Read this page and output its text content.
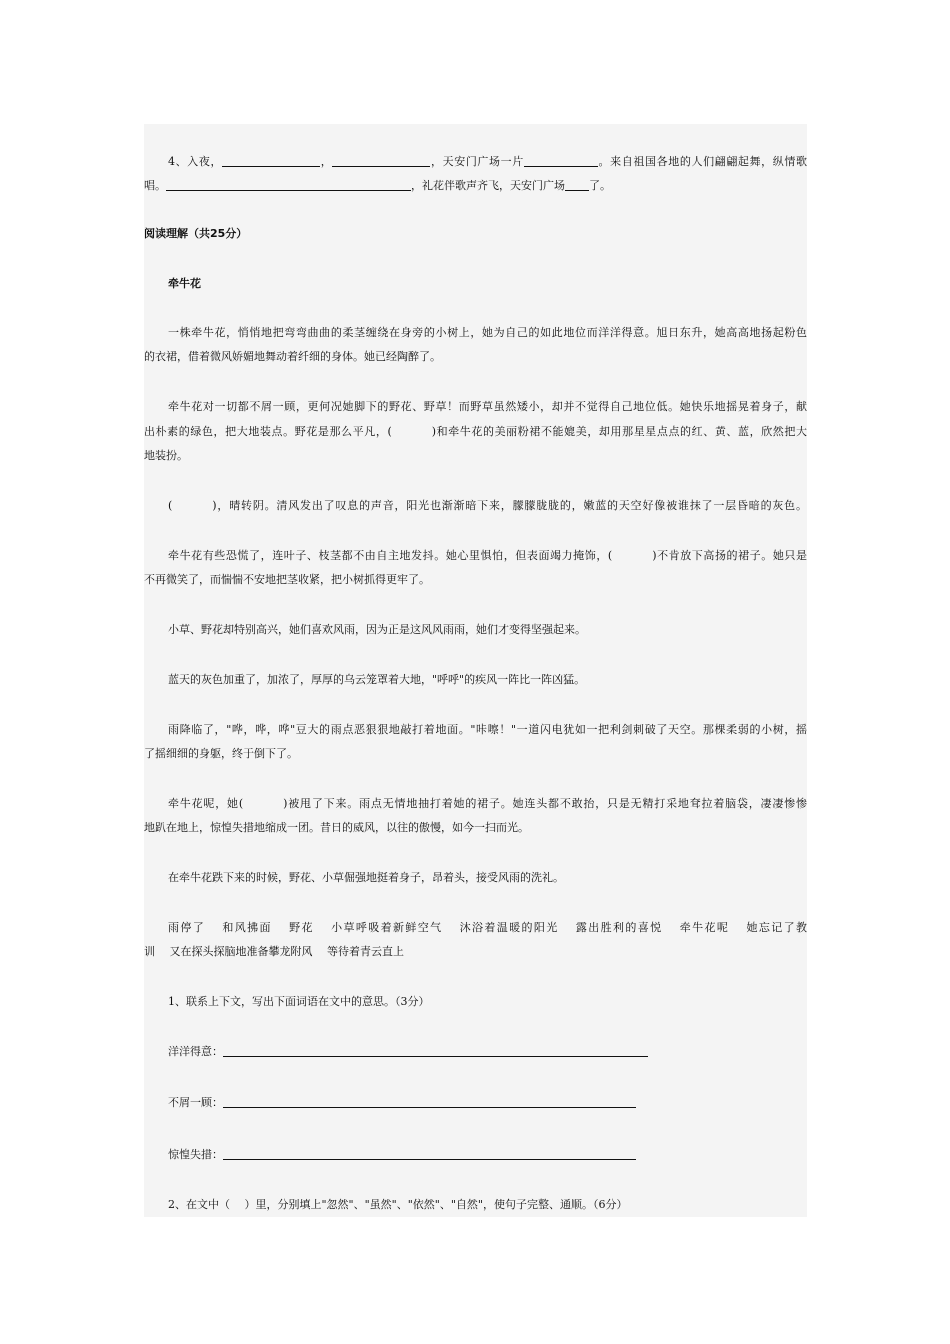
4、入夜，	，	，天安门广场一片	。来自祖国各地的人们翩翩起舞，纵情歌
唱。	，礼花伴歌声齐飞，天安门广场 了。
阅读理解（共25分）
牵牛花
一株牵牛花，悄悄地把弯弯曲曲的柔茎缠绕在身旁的小树上，她为自己的如此地位而洋洋得意。旭日东升，她高高地扬起粉色
的衣裙，借着微风娇媚地舞动着纤细的身体。她已经陶醉了。
牵牛花对一切都不屑一顾，更何况她脚下的野花、野草！而野草虽然矮小，却并不觉得自己地位低。她快乐地摇晃着身子，献
出朴素的绿色，把大地装点。野花是那么平凡，(	)和牵牛花的美丽粉裙不能媲美，却用那星星点点的红、黄、蓝，欣然把大
地装扮。
(	)，晴转阴。清风发出了叹息的声音，阳光也渐渐暗下来，朦朦胧胧的，嫩蓝的天空好像被谁抹了一层昏暗的灰色。
牵牛花有些恐慌了，连叶子、枝茎都不由自主地发抖。她心里惧怕，但表面竭力掩饰，(	)不肯放下高扬的裙子。她只是
不再微笑了，而惴惴不安地把茎收紧，把小树抓得更牢了。
小草、野花却特别高兴，她们喜欢风雨，因为正是这风风雨雨，她们才变得坚强起来。
蓝天的灰色加重了，加浓了，厚厚的乌云笼罩着大地，"呼呼"的疾风一阵比一阵凶猛。
雨降临了，"哗，哗，哗"豆大的雨点恶狠狠地敲打着地面。"咔嚓！"一道闪电犹如一把利剑刺破了天空。那棵柔弱的小树，摇
了摇细细的身躯，终于倒下了。
牵牛花呢，她(	)被甩了下来。雨点无情地抽打着她的裙子。她连头都不敢抬，只是无精打采地耷拉着脑袋，凄凄惨惨
地趴在地上，惊惶失措地缩成一团。昔日的威风，以往的傲慢，如今一扫而光。
在牵牛花跌下来的时候，野花、小草倔强地挺着身子，昂着头，接受风雨的洗礼。
雨停了　 和风拂面　 野花　 小草呼吸着新鲜空气　 沐浴着温暖的阳光　 露出胜利的喜悦　 牵牛花呢　 她忘记了教
训　 又在探头探脑地准备攀龙附风　 等待着青云直上
1、联系上下文，写出下面词语在文中的意思。（3分）
洋洋得意：
不屑一顾：
惊惶失措：
2、在文中（　 ）里，分别填上"忽然"、"虽然"、"依然"、"自然"，使句子完整、通顺。（6分）
